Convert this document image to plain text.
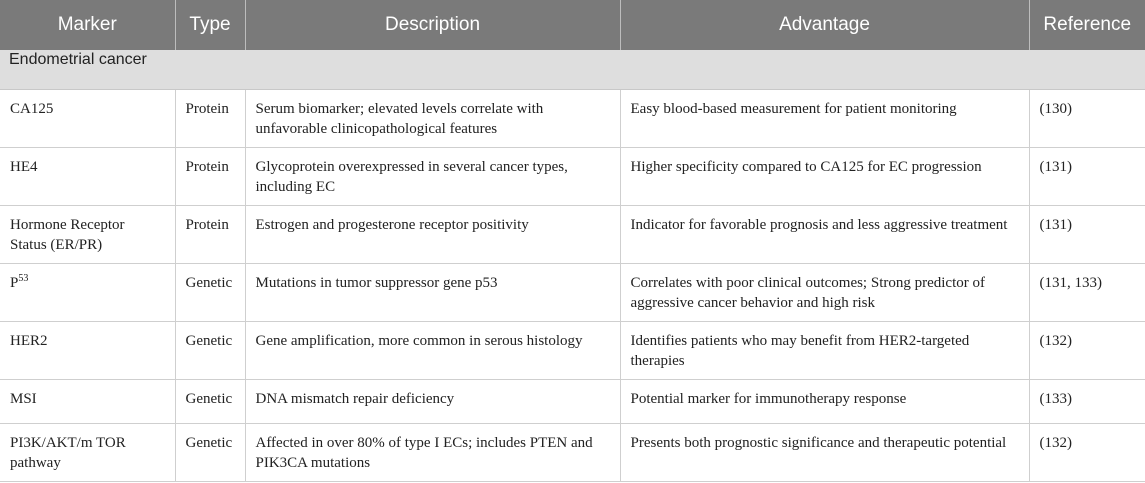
Marker	Type	Description	Advantage	Reference
Endometrial cancer				
CA125	Protein	Serum biomarker; elevated levels correlate with unfavorable clinicopathological features	Easy blood-based measurement for patient monitoring	(130)
HE4	Protein	Glycoprotein overexpressed in several cancer types, including EC	Higher specificity compared to CA125 for EC progression	(131)
Hormone Receptor Status (ER/PR)	Protein	Estrogen and progesterone receptor positivity	Indicator for favorable prognosis and less aggressive treatment	(131)
$P^{53}$	Genetic	Mutations in tumor suppressor gene p53	Correlates with poor clinical outcomes; Strong predictor of aggressive cancer behavior and high risk	(131, 133)
HER2	Genetic	Gene amplification, more common in serous histology	Identifies patients who may benefit from HER2-targeted therapies	(132)
MSI	Genetic	DNA mismatch repair deficiency	Potential marker for immunotherapy response	(133)
PI3K/AKT/m TOR pathway	Genetic	Affected in over 80% of type I ECs; includes PTEN and PIK3CA mutations	Presents both prognostic significance and therapeutic potential	(132)
